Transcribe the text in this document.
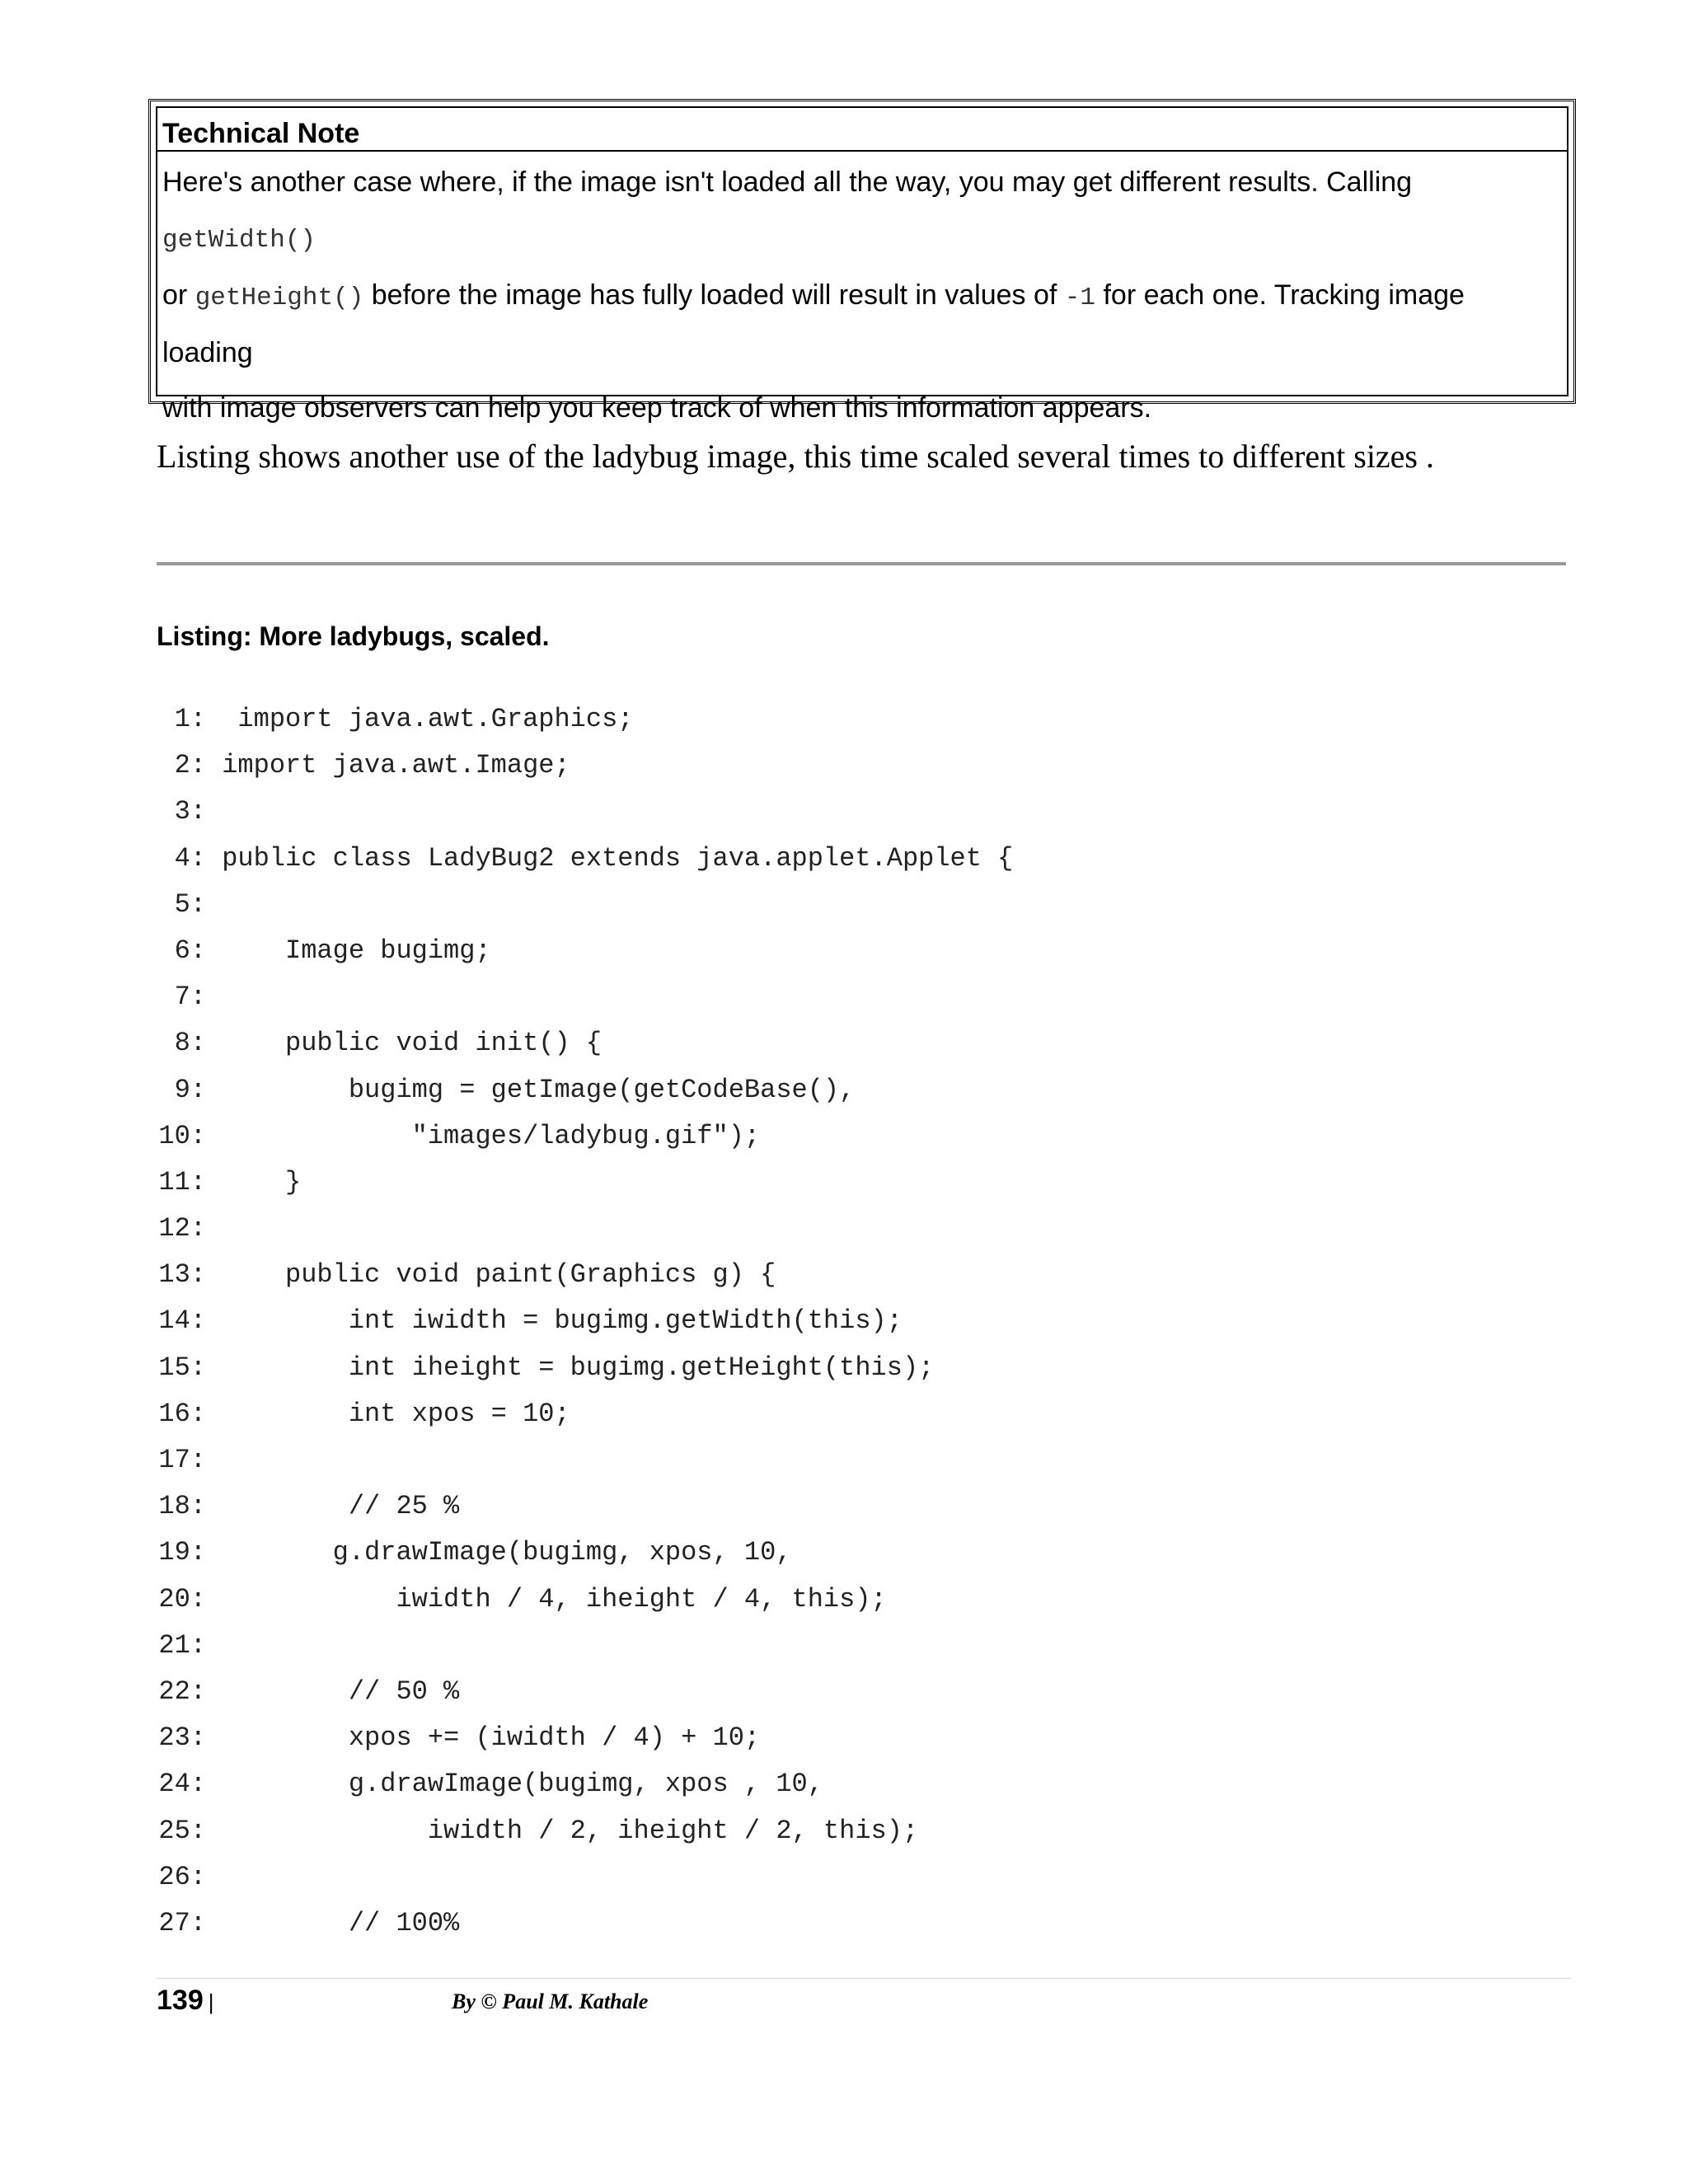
Technical Note
Here's another case where, if the image isn't loaded all the way, you may get different results. Calling getWidth()
or getHeight() before the image has fully loaded will result in values of -1 for each one. Tracking image loading
with image observers can help you keep track of when this information appears.
Listing shows another use of the ladybug image, this time scaled several times to different sizes .
Listing: More ladybugs, scaled.
1:  import java.awt.Graphics;
2: import java.awt.Image;
3:
4: public class LadyBug2 extends java.applet.Applet {
5:
6:     Image bugimg;
7:
8:     public void init() {
9:         bugimg = getImage(getCodeBase(),
10:             "images/ladybug.gif");
11:     }
12:
13:     public void paint(Graphics g) {
14:         int iwidth = bugimg.getWidth(this);
15:         int iheight = bugimg.getHeight(this);
16:         int xpos = 10;
17:
18:         // 25 %
19:        g.drawImage(bugimg, xpos, 10,
20:            iwidth / 4, iheight / 4, this);
21:
22:         // 50 %
23:         xpos += (iwidth / 4) + 10;
24:         g.drawImage(bugimg, xpos , 10,
25:              iwidth / 2, iheight / 2, this);
26:
27:         // 100%
139 |	By © Paul M. Kathale
